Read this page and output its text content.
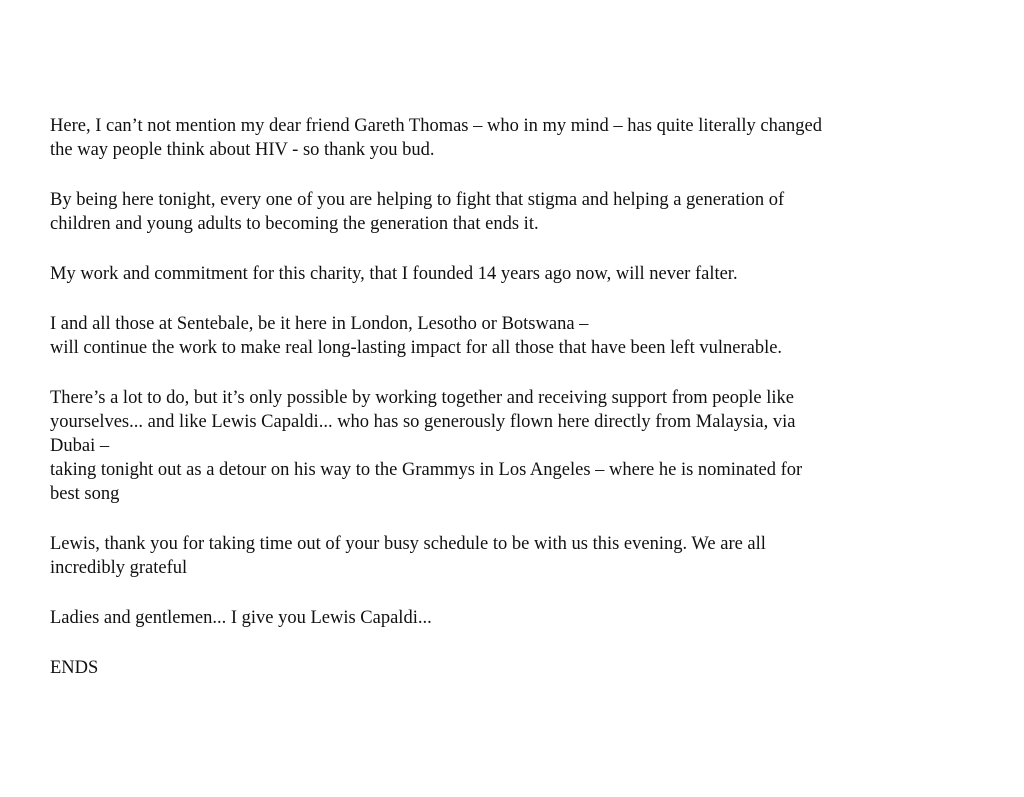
Here, I can’t not mention my dear friend Gareth Thomas – who in my mind – has quite literally changed
the way people think about HIV - so thank you bud.

By being here tonight, every one of you are helping to fight that stigma and helping a generation of
children and young adults to becoming the generation that ends it.

My work and commitment for this charity, that I founded 14 years ago now, will never falter.

I and all those at Sentebale, be it here in London, Lesotho or Botswana –
will continue the work to make real long-lasting impact for all those that have been left vulnerable.

There’s a lot to do, but it’s only possible by working together and receiving support from people like
yourselves... and like Lewis Capaldi... who has so generously flown here directly from Malaysia, via
Dubai –
taking tonight out as a detour on his way to the Grammys in Los Angeles – where he is nominated for
best song

Lewis, thank you for taking time out of your busy schedule to be with us this evening. We are all
incredibly grateful

Ladies and gentlemen... I give you Lewis Capaldi...

ENDS
